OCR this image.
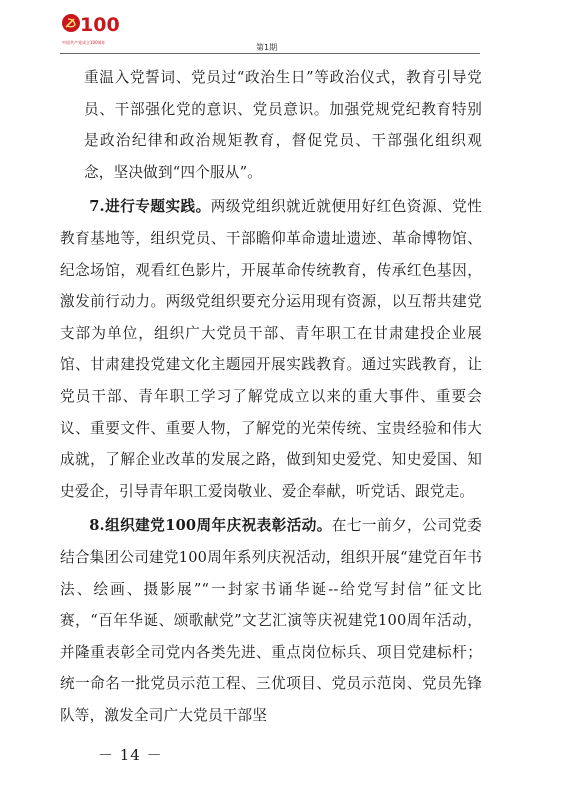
100
中国共产党成立100周年
第1期

重温入党誓词、党员过“政治生日”等政治仪式，教育引导党员、干部强化党的意识、党员意识。加强党规党纪教育特别是政治纪律和政治规矩教育，督促党员、干部强化组织观念，坚决做到“四个服从”。

7.进行专题实践。两级党组织就近就便用好红色资源、党性教育基地等，组织党员、干部瞻仰革命遗址遗迹、革命博物馆、纪念场馆，观看红色影片，开展革命传统教育，传承红色基因，激发前行动力。两级党组织要充分运用现有资源，以互帮共建党支部为单位，组织广大党员干部、青年职工在甘肃建投企业展馆、甘肃建投党建文化主题园开展实践教育。通过实践教育，让党员干部、青年职工学习了解党成立以来的重大事件、重要会议、重要文件、重要人物，了解党的光荣传统、宝贵经验和伟大成就，了解企业改革的发展之路，做到知史爱党、知史爱国、知史爱企，引导青年职工爱岗敬业、爱企奉献，听党话、跟党走。

8.组织建党100周年庆祝表彰活动。在七一前夕，公司党委结合集团公司建党100周年系列庆祝活动，组织开展“建党百年书法、绘画、摄影展”“一封家书诵华诞--给党写封信”征文比赛，“百年华诞、颂歌献党”文艺汇演等庆祝建党100周年活动，并隆重表彰全司党内各类先进、重点岗位标兵、项目党建标杆；统一命名一批党员示范工程、三优项目、党员示范岗、党员先锋队等，激发全司广大党员干部坚

－ 14 －
